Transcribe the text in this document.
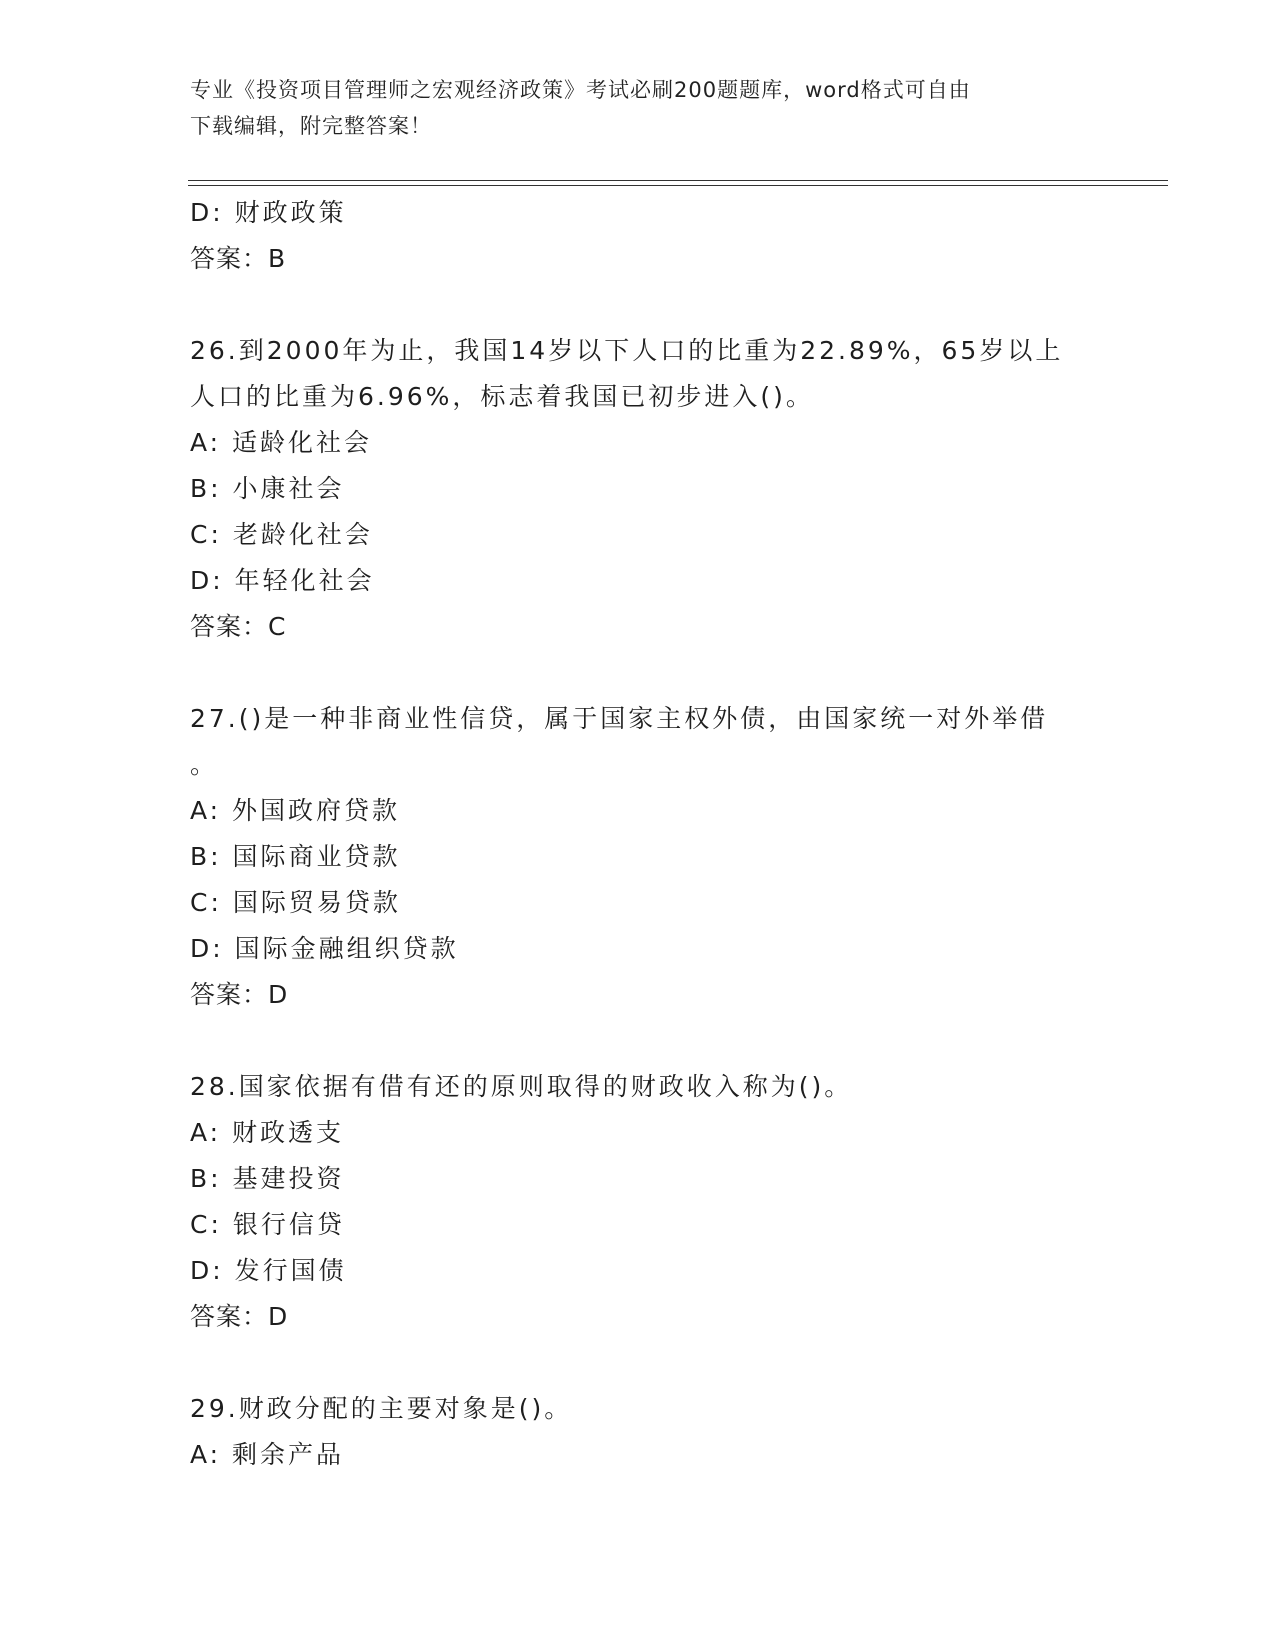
专业《投资项目管理师之宏观经济政策》考试必刷200题题库，word格式可自由
下载编辑，附完整答案！
D: 财政政策
答案：B
26.到2000年为止，我国14岁以下人口的比重为22.89%，65岁以上
人口的比重为6.96%，标志着我国已初步进入()。
A: 适龄化社会
B: 小康社会
C: 老龄化社会
D: 年轻化社会
答案：C
27.()是一种非商业性信贷，属于国家主权外债，由国家统一对外举借
。
A: 外国政府贷款
B: 国际商业贷款
C: 国际贸易贷款
D: 国际金融组织贷款
答案：D
28.国家依据有借有还的原则取得的财政收入称为()。
A: 财政透支
B: 基建投资
C: 银行信贷
D: 发行国债
答案：D
29.财政分配的主要对象是()。
A: 剩余产品
